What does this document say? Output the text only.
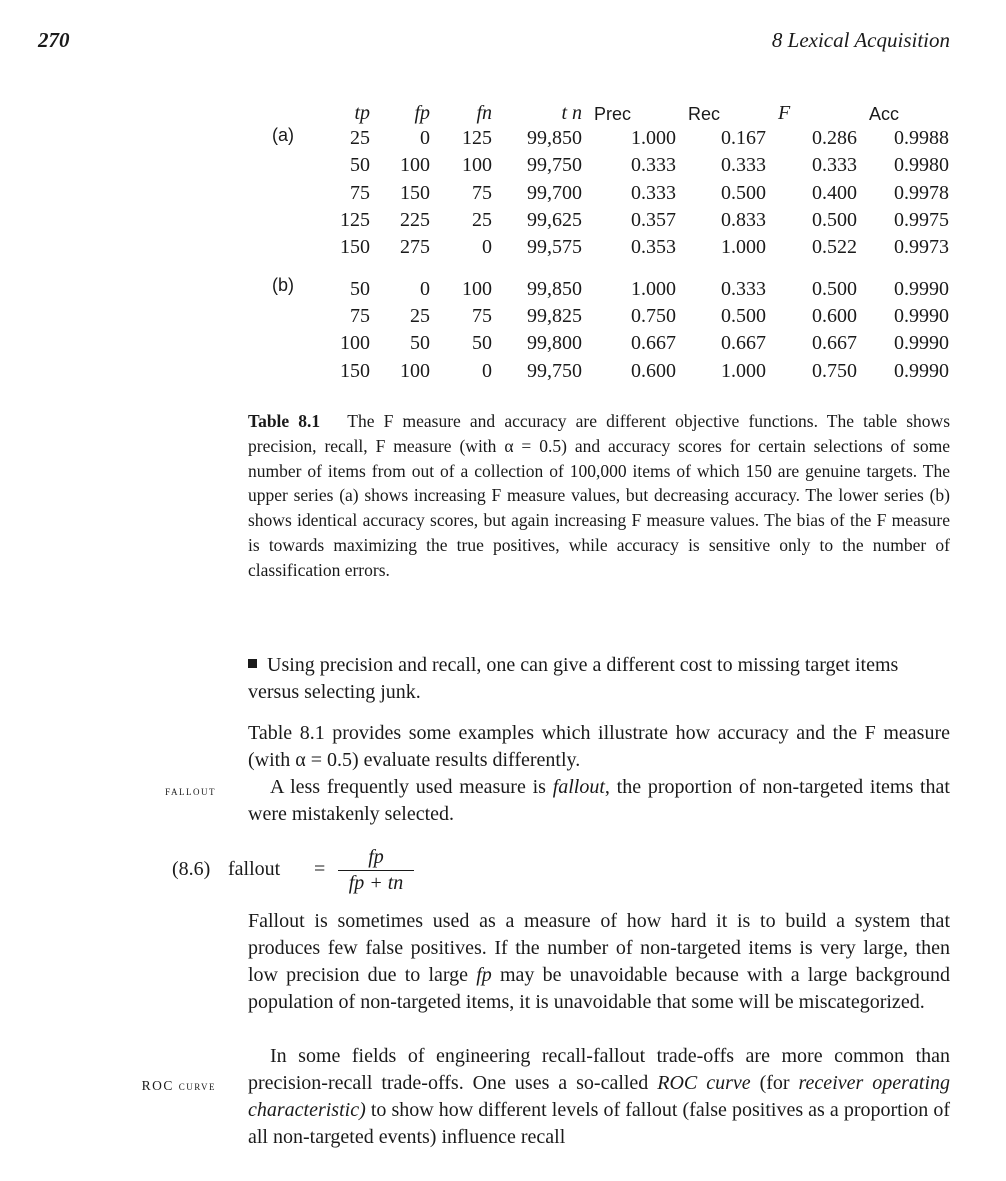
270	8 Lexical Acquisition
	tp	fp	fn	t n	Prec	Rec	F	Acc
(a)	25	0	125	99,850	1.000	0.167	0.286	0.9988
	50	100	100	99,750	0.333	0.333	0.333	0.9980
	75	150	75	99,700	0.333	0.500	0.400	0.9978
	125	225	25	99,625	0.357	0.833	0.500	0.9975
	150	275	0	99,575	0.353	1.000	0.522	0.9973

(b)	50	0	100	99,850	1.000	0.333	0.500	0.9990
	75	25	75	99,825	0.750	0.500	0.600	0.9990
	100	50	50	99,800	0.667	0.667	0.667	0.9990
	150	100	0	99,750	0.600	1.000	0.750	0.9990
Table 8.1 The F measure and accuracy are different objective functions. The table shows precision, recall, F measure (with α = 0.5) and accuracy scores for certain selections of some number of items from out of a collection of 100,000 items of which 150 are genuine targets. The upper series (a) shows increasing F measure values, but decreasing accuracy. The lower series (b) shows identical accuracy scores, but again increasing F measure values. The bias of the F measure is towards maximizing the true positives, while accuracy is sensitive only to the number of classification errors.
Using precision and recall, one can give a different cost to missing target items versus selecting junk.

Table 8.1 provides some examples which illustrate how accuracy and the F measure (with α = 0.5) evaluate results differently.

fallout	A less frequently used measure is fallout, the proportion of non-targeted items that were mistakenly selected.

(8.6) fallout = $\frac{fp}{fp + tn}$

Fallout is sometimes used as a measure of how hard it is to build a system that produces few false positives. If the number of non-targeted items is very large, then low precision due to large fp may be unavoidable because with a large background population of non-targeted items, it is unavoidable that some will be miscategorized.

ROC curve

In some fields of engineering recall-fallout trade-offs are more common than precision-recall trade-offs. One uses a so-called ROC curve (for receiver operating characteristic) to show how different levels of fallout (false positives as a proportion of all non-targeted events) influence recall
